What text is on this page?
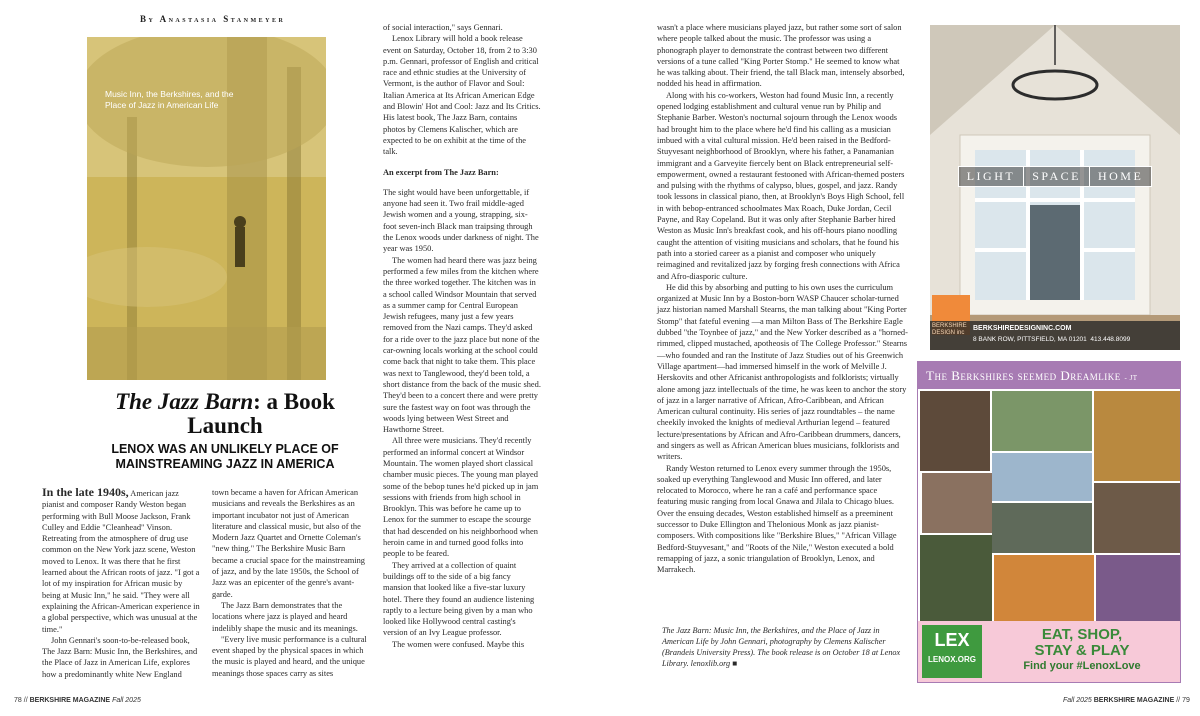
By Anastasia Stanmeyer
Music Inn, the Berkshires, and the Place of Jazz in American Life
The Jazz Barn: a Book Launch
LENOX WAS AN UNLIKELY PLACE OF MAINSTREAMING JAZZ IN AMERICA

In the late 1940s, American jazz pianist and composer Randy Weston began performing with Bull Moose Jackson, Frank Culley and Eddie "Cleanhead" Vinson. Retreating from the atmosphere of drug use common on the New York jazz scene, Weston moved to Lenox. It was there that he first learned about the African roots of jazz. "I got a lot of my inspiration for African music by being at Music Inn," he said. "They were all explaining the African-American experience in a global perspective, which was unusual at the time."

John Gennari's soon-to-be-released book, The Jazz Barn: Music Inn, the Berkshires, and the Place of Jazz in American Life, explores how a predominantly white New England

town became a haven for African American musicians and reveals the Berkshires as an important incubator not just of American literature and classical music, but also of the Modern Jazz Quartet and Ornette Coleman's "new thing." The Berkshire Music Barn became a crucial space for the mainstreaming of jazz, and by the late 1950s, the School of Jazz was an epicenter of the genre's avant-garde.

The Jazz Barn demonstrates that the locations where jazz is played and heard indelibly shape the music and its meanings.

"Every live music performance is a cultural event shaped by the physical spaces in which the music is played and heard, and the unique meanings those spaces carry as sites

of social interaction," says Gennari.

Lenox Library will hold a book release event on Saturday, October 18, from 2 to 3:30 p.m. Gennari, professor of English and critical race and ethnic studies at the University of Vermont, is the author of Flavor and Soul: Italian America at Its African American Edge and Blowin' Hot and Cool: Jazz and Its Critics. His latest book, The Jazz Barn, contains photos by Clemens Kalischer, which are expected to be on exhibit at the time of the talk.

An excerpt from The Jazz Barn:

The sight would have been unforgettable, if anyone had seen it. Two frail middle-aged Jewish women and a young, strapping, six-foot seven-inch Black man traipsing through the Lenox woods under darkness of night. The year was 1950.

The women had heard there was jazz being performed a few miles from the kitchen where the three worked together. The kitchen was in a school called Windsor Mountain that served as a summer camp for Central European Jewish refugees, many just a few years removed from the Nazi camps. They'd asked for a ride over to the jazz place but none of the car-owning locals working at the school could come back that night to take them. This place was next to Tanglewood, they'd been told, a short distance from the back of the music shed. They'd been to a concert there and were pretty sure the fastest way on foot was through the woods lying between West Street and Hawthorne Street.

All three were musicians. They'd recently performed an informal concert at Windsor Mountain. The women played short classical chamber music pieces. The young man played some of the bebop tunes he'd picked up in jam sessions with friends from high school in Brooklyn. This was before he came up to Lenox for the summer to escape the scourge that had descended on his neighborhood when heroin came in and turned good folks into people to be feared.

They arrived at a collection of quaint buildings off to the side of a big fancy mansion that looked like a five-star luxury hotel. There they found an audience listening raptly to a lecture being given by a man who looked like Hollywood central casting's version of an Ivy League professor.

The women were confused. Maybe this

wasn't a place where musicians played jazz, but rather some sort of salon where people talked about the music. The professor was using a phonograph player to demonstrate the contrast between two different versions of a tune called "King Porter Stomp." He seemed to know what he was talking about. Their friend, the tall Black man, intensely absorbed, nodded his head in affirmation.

Along with his co-workers, Weston had found Music Inn, a recently opened lodging establishment and cultural venue run by Philip and Stephanie Barber. Weston's nocturnal sojourn through the Lenox woods had brought him to the place where he'd find his calling as a musician imbued with a vital cultural mission. He'd been raised in the Bedford-Stuyvesant neighborhood of Brooklyn, where his father, a Panamanian immigrant and a Garveyite fiercely bent on Black entrepreneurial self-empowerment, owned a restaurant festooned with African-themed posters and pulsing with the rhythms of calypso, blues, gospel, and jazz. Randy took lessons in classical piano, then, at Brooklyn's Boys High School, fell in with bebop-entranced schoolmates Max Roach, Duke Jordan, Cecil Payne, and Ray Copeland. But it was only after Stephanie Barber hired Weston as Music Inn's breakfast cook, and his off-hours piano noodling caught the attention of visiting musicians and scholars, that he found his path into a storied career as a pianist and composer who uniquely reimagined and revitalized jazz by forging fresh connections with Africa and Afro-diasporic culture.

He did this by absorbing and putting to his own uses the curriculum organized at Music Inn by a Boston-born WASP Chaucer scholar-turned jazz historian named Marshall Stearns, the man talking about "King Porter Stomp" that fateful evening —a man Milton Bass of The Berkshire Eagle dubbed "the Toynbee of jazz," and the New Yorker described as a "horned-rimmed, clipped mustached, apotheosis of The College Professor." Stearns—who founded and ran the Institute of Jazz Studies out of his Greenwich Village apartment—had immersed himself in the work of Melville J. Herskovits and other Africanist anthropologists and folklorists; virtually alone among jazz intellectuals of the time, he was keen to anchor the story of jazz in a larger narrative of African, Afro-Caribbean, and African American cultural continuity. His series of jazz roundtables – the name cheekily invoked the knights of medieval Arthurian legend – featured lecture/presentations by African and Afro-Caribbean drummers, dancers, and singers as well as African American blues musicians, folklorists and writers.

Randy Weston returned to Lenox every summer through the 1950s, soaked up everything Tanglewood and Music Inn offered, and later relocated to Morocco, where he ran a café and performance space featuring music ranging from local Gnawa and Jilala to Chicago blues. Over the ensuing decades, Weston established himself as a preeminent successor to Duke Ellington and Thelonious Monk as jazz pianist-composers. With compositions like "Berkshire Blues," "African Village Bedford-Stuyvesant," and "Roots of the Nile," Weston executed a bold remapping of jazz, a sonic triangulation of Brooklyn, Lenox, and Marrakech.

The Jazz Barn: Music Inn, the Berkshires, and the Place of Jazz in American Life by John Gennari, photography by Clemens Kalischer (Brandeis University Press). The book release is on October 18 at Lenox Library. lenoxlib.org ■
LIGHT	SPACE	HOME
BERKSHIRE
DESIGN inc
BERKSHIREDESIGNINC.COM
8 BANK ROW, PITTSFIELD, MA 01201 413.448.8099
The Berkshires seemed Dreamlike - JT
LEX
LENOX.ORG
EAT, SHOP,
STAY & PLAY
Find your #LenoxLove
78 // BERKSHIRE MAGAZINE Fall 2025	Fall 2025 BERKSHIRE MAGAZINE // 79
